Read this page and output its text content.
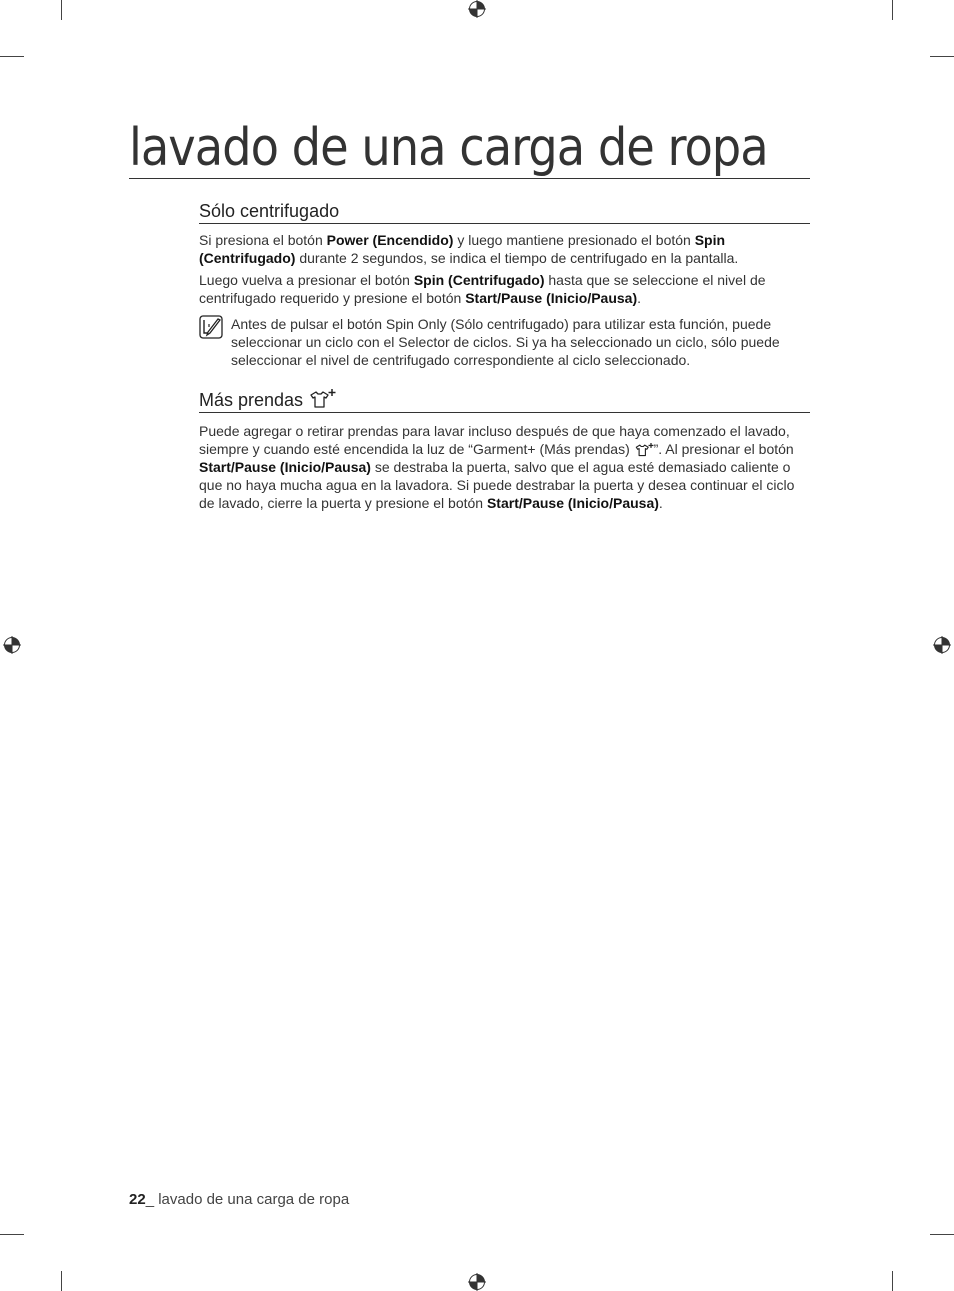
lavado de una carga de ropa
Sólo centrifugado

Si presiona el botón Power (Encendido) y luego mantiene presionado el botón Spin (Centrifugado) durante 2 segundos, se indica el tiempo de centrifugado en la pantalla.

Luego vuelva a presionar el botón Spin (Centrifugado) hasta que se seleccione el nivel de centrifugado requerido y presione el botón Start/Pause (Inicio/Pausa).

Antes de pulsar el botón Spin Only (Sólo centrifugado) para utilizar esta función, puede seleccionar un ciclo con el Selector de ciclos. Si ya ha seleccionado un ciclo, sólo puede seleccionar el nivel de centrifugado correspondiente al ciclo seleccionado.

Más prendas

Puede agregar o retirar prendas para lavar incluso después de que haya comenzado el lavado, siempre y cuando esté encendida la luz de “Garment+ (Más prendas) ”. Al presionar el botón Start/Pause (Inicio/Pausa) se destraba la puerta, salvo que el agua esté demasiado caliente o que no haya mucha agua en la lavadora. Si puede destrabar la puerta y desea continuar el ciclo de lavado, cierre la puerta y presione el botón Start/Pause (Inicio/Pausa).

22_ lavado de una carga de ropa
